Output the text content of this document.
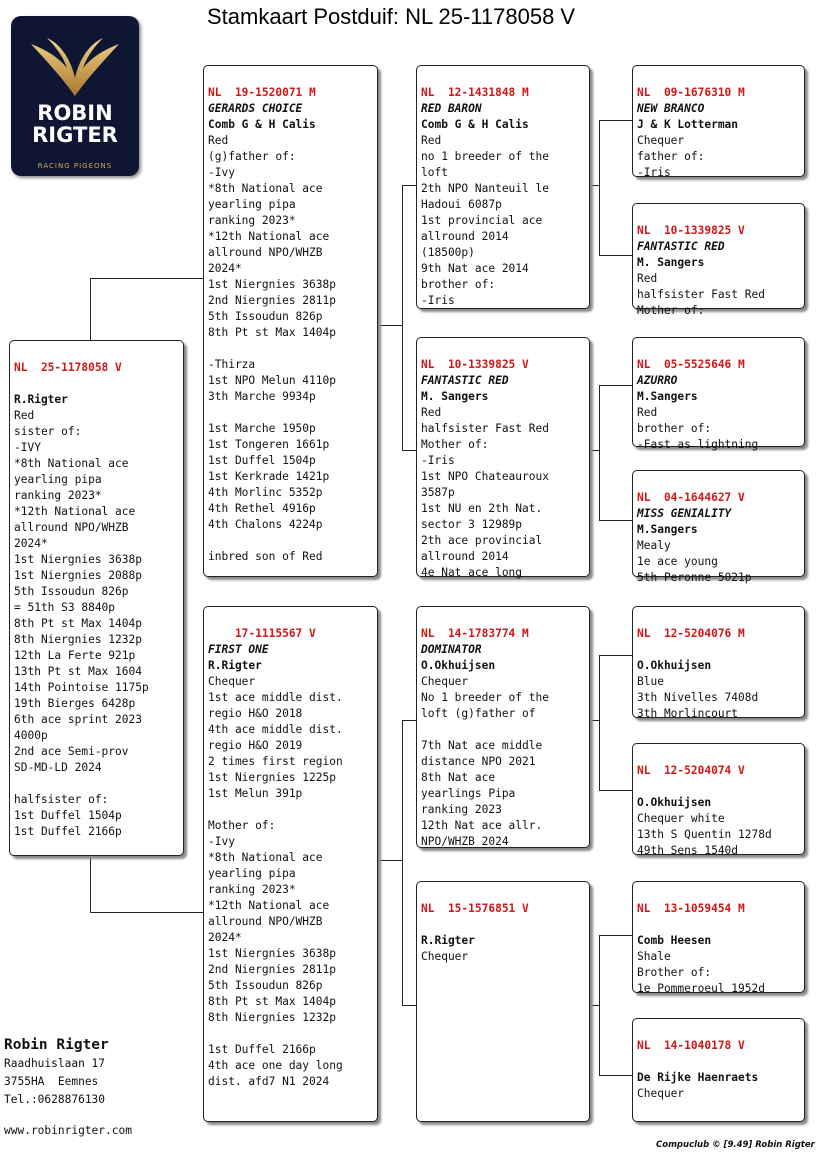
Stamkaart Postduif: NL 25-1178058 V
ROBIN
RIGTER
RACING PIGEONS

NL  25-1178058 V

R.Rigter
Red
sister of:
-IVY
*8th National ace
yearling pipa
ranking 2023*
*12th National ace
allround NPO/WHZB
2024*
1st Niergnies 3638p
1st Niergnies 2088p
5th Issoudun 826p
= 51th S3 8840p
8th Pt st Max 1404p
8th Niergnies 1232p
12th La Ferte 921p
13th Pt st Max 1604
14th Pointoise 1175p
19th Bierges 6428p
6th ace sprint 2023
4000p
2nd ace Semi-prov
SD-MD-LD 2024

halfsister of:
1st Duffel 1504p
1st Duffel 2166p

NL  19-1520071 M
GERARDS CHOICE
Comb G & H Calis
Red
(g)father of:
-Ivy
*8th National ace
yearling pipa
ranking 2023*
*12th National ace
allround NPO/WHZB
2024*
1st Niergnies 3638p
2nd Niergnies 2811p
5th Issoudun 826p
8th Pt st Max 1404p

-Thirza
1st NPO Melun 4110p
3th Marche 9934p

1st Marche 1950p
1st Tongeren 1661p
1st Duffel 1504p
1st Kerkrade 1421p
4th Morlinc 5352p
4th Rethel 4916p
4th Chalons 4224p

inbred son of Red

17-1115567 V
FIRST ONE
R.Rigter
Chequer
1st ace middle dist.
regio H&O 2018
4th ace middle dist.
regio H&O 2019
2 times first region
1st Niergnies 1225p
1st Melun 391p

Mother of:
-Ivy
*8th National ace
yearling pipa
ranking 2023*
*12th National ace
allround NPO/WHZB
2024*
1st Niergnies 3638p
2nd Niergnies 2811p
5th Issoudun 826p
8th Pt st Max 1404p
8th Niergnies 1232p

1st Duffel 2166p
4th ace one day long
dist. afd7 N1 2024

NL  12-1431848 M
RED BARON
Comb G & H Calis
Red
no 1 breeder of the
loft
2th NPO Nanteuil le
Hadoui 6087p
1st provincial ace
allround 2014
(18500p)
9th Nat ace 2014
brother of:
-Iris

NL  10-1339825 V
FANTASTIC RED
M. Sangers
Red
halfsister Fast Red
Mother of:
-Iris
1st NPO Chateauroux
3587p
1st NU en 2th Nat.
sector 3 12989p
2th ace provincial
allround 2014
4e Nat ace long

NL  14-1783774 M
DOMINATOR
O.Okhuijsen
Chequer
No 1 breeder of the
loft (g)father of

7th Nat ace middle
distance NPO 2021
8th Nat ace
yearlings Pipa
ranking 2023
12th Nat ace allr.
NPO/WHZB 2024

NL  15-1576851 V

R.Rigter
Chequer

NL  09-1676310 M
NEW BRANCO
J & K Lotterman
Chequer
father of:
-Iris

NL  10-1339825 V
FANTASTIC RED
M. Sangers
Red
halfsister Fast Red
Mother of:

NL  05-5525646 M
AZURRO
M.Sangers
Red
brother of:
-Fast as lightning

NL  04-1644627 V
MISS GENIALITY
M.Sangers
Mealy
1e ace young
5th Peronne 5021p

NL  12-5204076 M

O.Okhuijsen
Blue
3th Nivelles 7408d
3th Morlincourt

NL  12-5204074 V

O.Okhuijsen
Chequer white
13th S Quentin 1278d
49th Sens 1540d

NL  13-1059454 M

Comb Heesen
Shale
Brother of:
1e Pommeroeul 1952d

NL  14-1040178 V

De Rijke Haenraets
Chequer

Robin Rigter
Raadhuislaan 17
3755HA  Eemnes
Tel.:0628876130
www.robinrigter.com
Compuclub © [9.49] Robin Rigter
